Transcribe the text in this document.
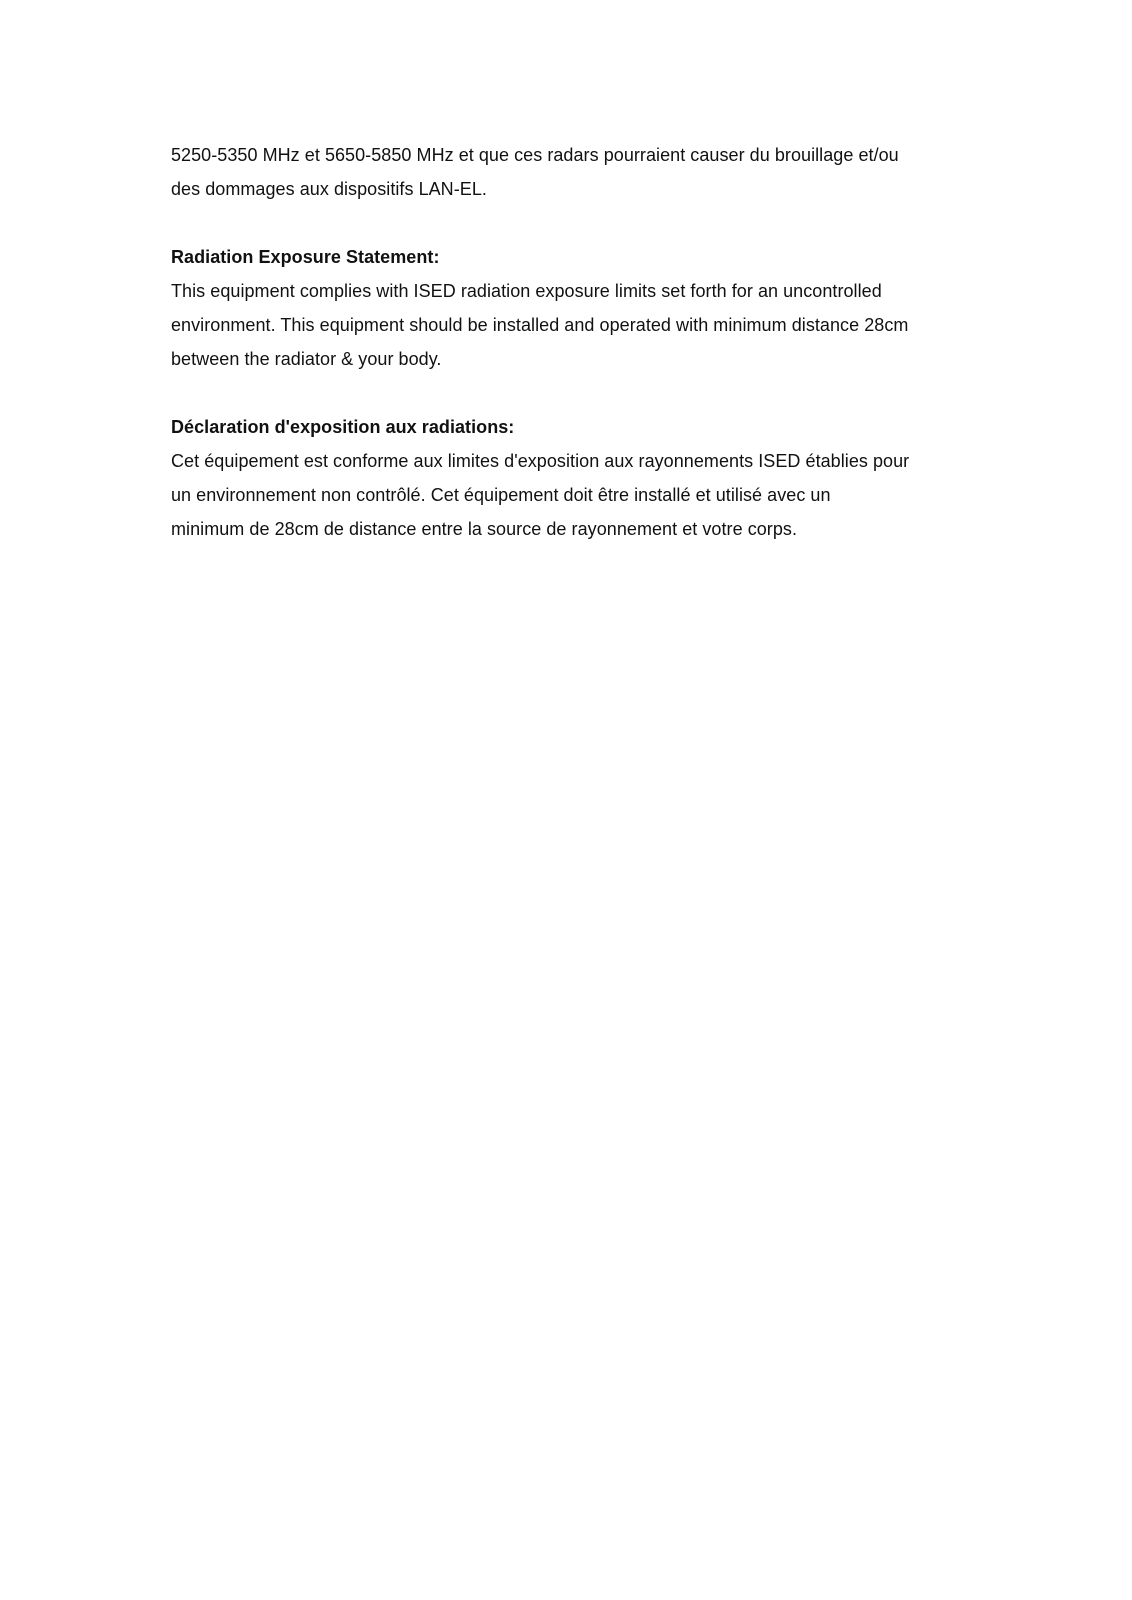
5250-5350 MHz et 5650-5850 MHz et que ces radars pourraient causer du brouillage et/ou
des dommages aux dispositifs LAN-EL.
Radiation Exposure Statement:
This equipment complies with ISED radiation exposure limits set forth for an uncontrolled
environment. This equipment should be installed and operated with minimum distance 28cm
between the radiator & your body.
Déclaration d'exposition aux radiations:
Cet équipement est conforme aux limites d'exposition aux rayonnements ISED établies pour
un environnement non contrôlé. Cet équipement doit être installé et utilisé avec un
minimum de 28cm de distance entre la source de rayonnement et votre corps.
